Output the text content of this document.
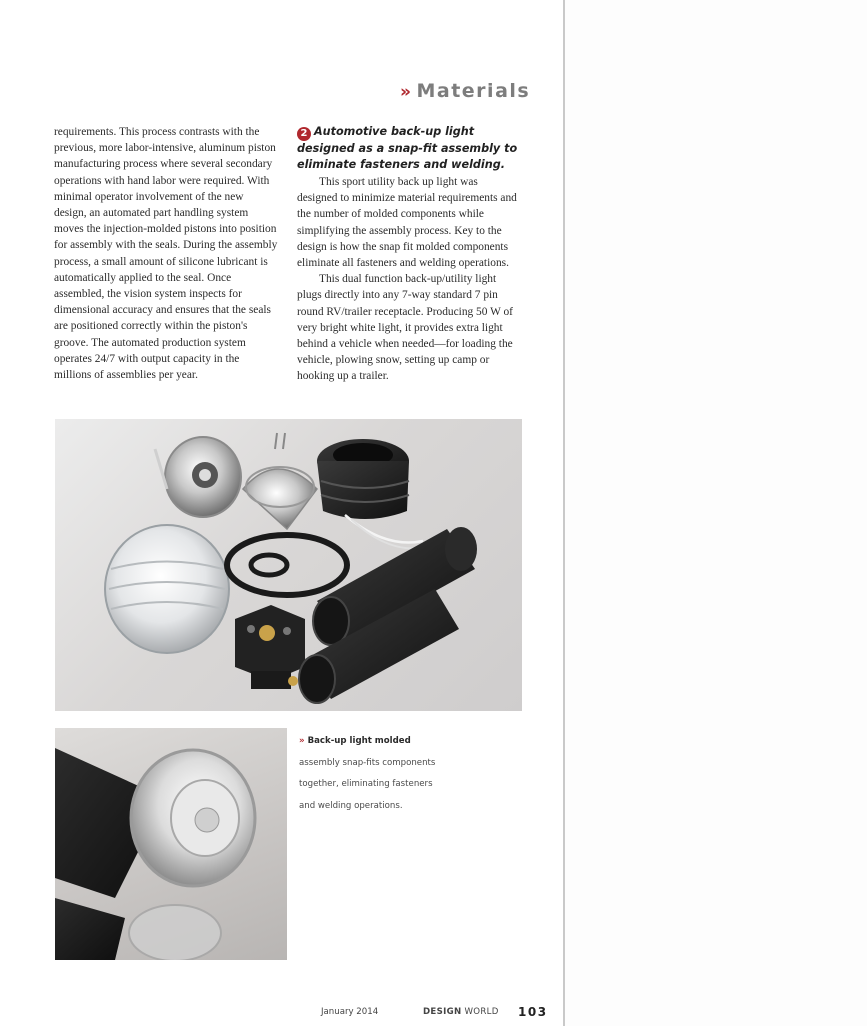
» Materials

requirements. This process contrasts with the previous, more labor-intensive, aluminum piston manufacturing process where several secondary operations with hand labor were required. With minimal operator involvement of the new design, an automated part handling system moves the injection-molded pistons into position for assembly with the seals. During the assembly process, a small amount of silicone lubricant is automatically applied to the seal. Once assembled, the vision system inspects for dimensional accuracy and ensures that the seals are positioned correctly within the piston's groove. The automated production system operates 24/7 with output capacity in the millions of assemblies per year.

2 Automotive back-up light designed as a snap-fit assembly to eliminate fasteners and welding.

This sport utility back up light was designed to minimize material requirements and the number of molded components while simplifying the assembly process. Key to the design is how the snap fit molded components eliminate all fasteners and welding operations.

This dual function back-up/utility light plugs directly into any 7-way standard 7 pin round RV/trailer receptacle. Producing 50 W of very bright white light, it provides extra light behind a vehicle when needed—for loading the vehicle, plowing snow, setting up camp or hooking up a trailer.

» Back-up light molded
assembly snap-fits components
together, eliminating fasteners
and welding operations.
January 2014	DESIGN WORLD 103
